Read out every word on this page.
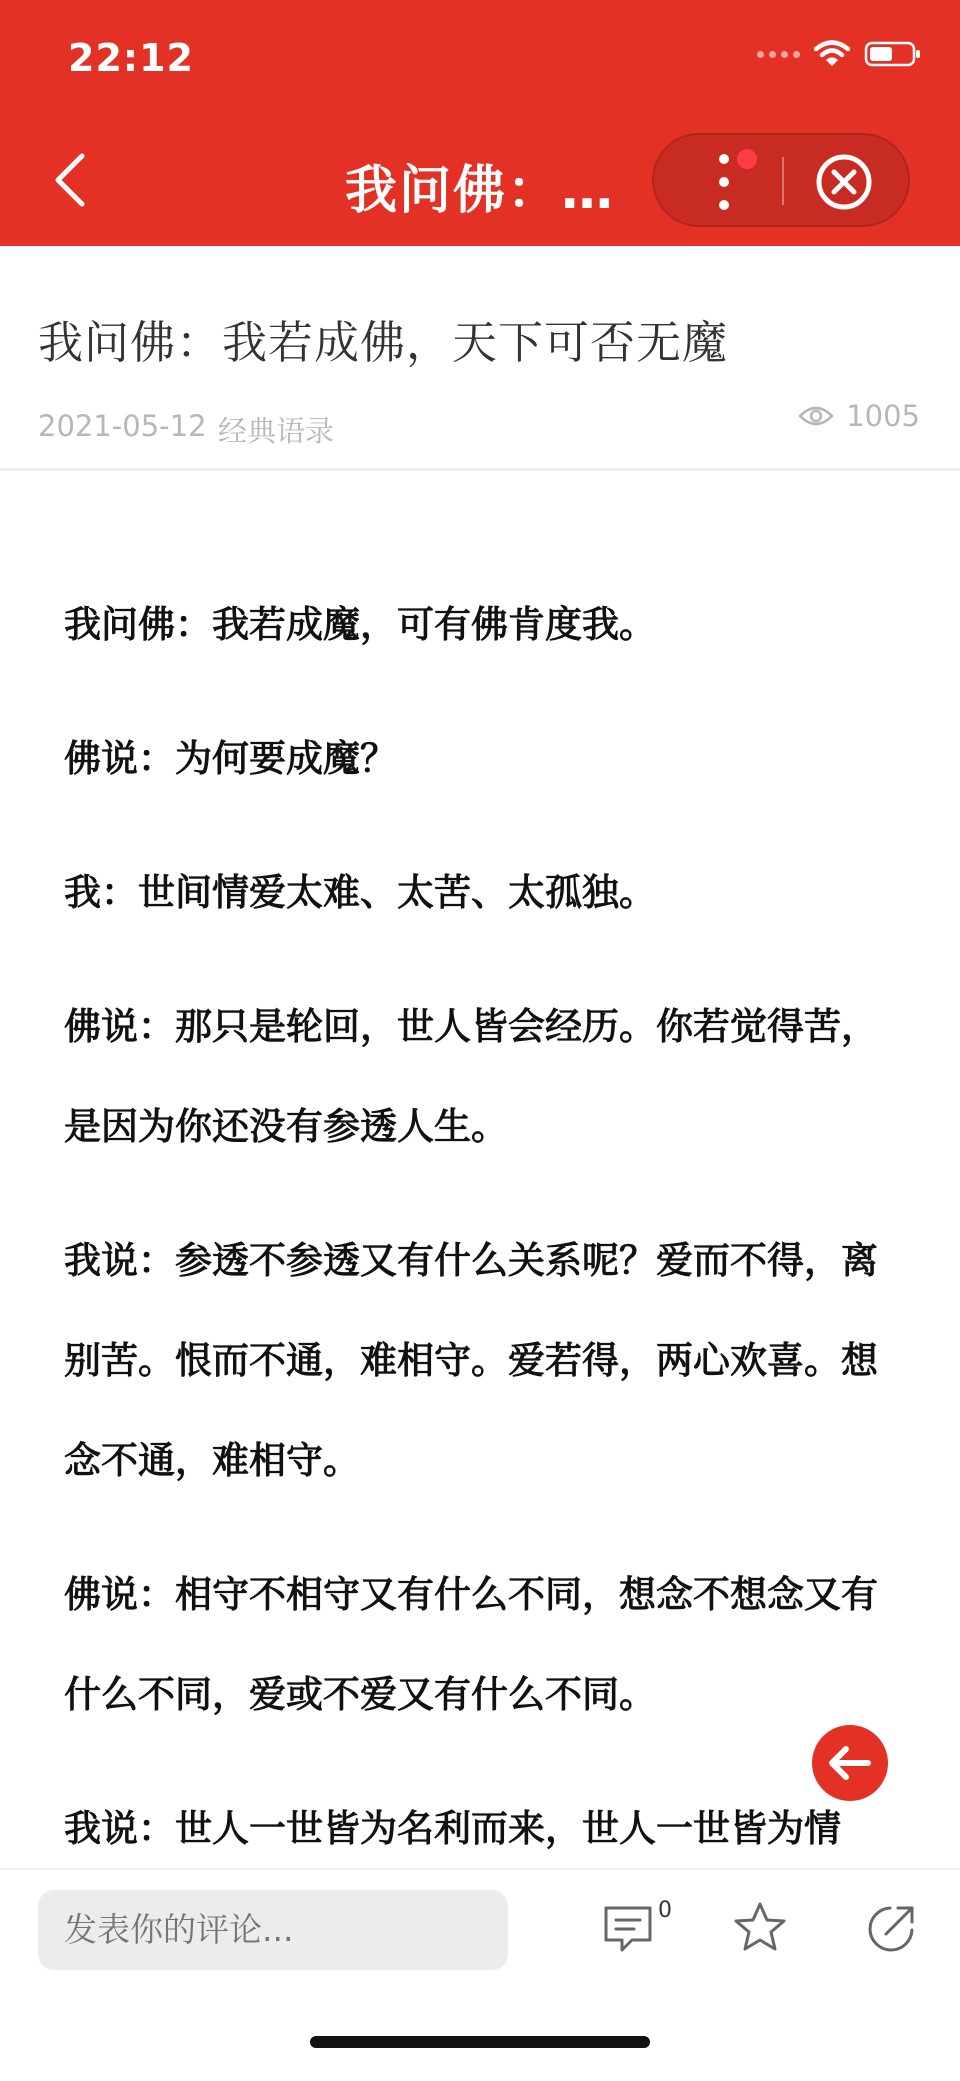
22:12
我问佛：…
我问佛：我若成佛，天下可否无魔
2021-05-12 经典语录	1005

我问佛：我若成魔，可有佛肯度我。

佛说：为何要成魔？

我：世间情爱太难、太苦、太孤独。

佛说：那只是轮回，世人皆会经历。你若觉得苦，是因为你还没有参透人生。

我说：参透不参透又有什么关系呢？爱而不得，离别苦。恨而不通，难相守。爱若得，两心欢喜。想念不通，难相守。

佛说：相守不相守又有什么不同，想念不想念又有什么不同，爱或不爱又有什么不同。

我说：世人一世皆为名利而来，世人一世皆为情

发表你的评论...
0
